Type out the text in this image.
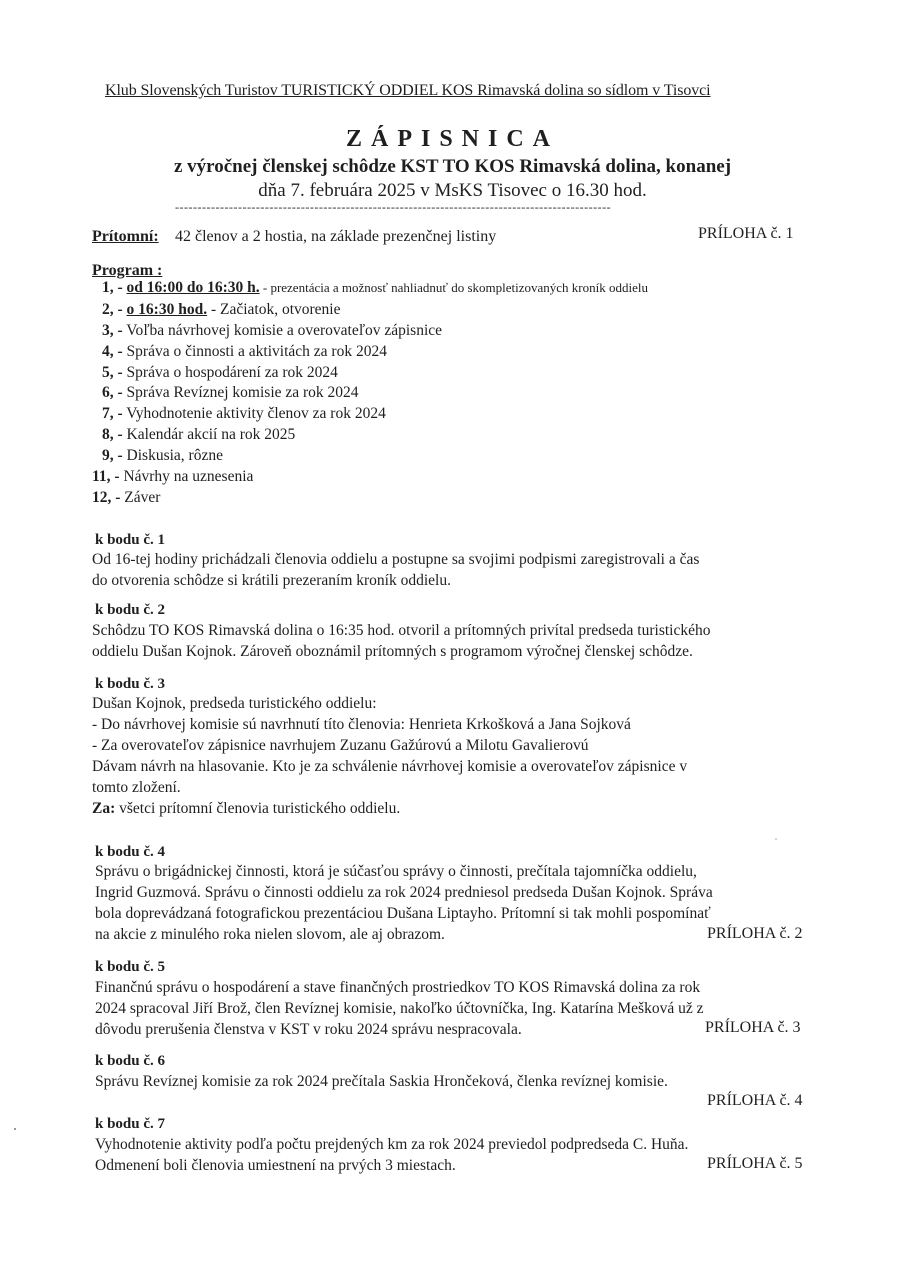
Klub Slovenských Turistov TURISTICKÝ ODDIEL KOS Rimavská dolina so sídlom v Tisovci
ZÁPISNICA
z výročnej členskej schôdze KST TO KOS Rimavská dolina, konanej
dňa 7. februára 2025 v MsKS Tisovec o 16.30 hod.
-------------------------------------------------------------------------------------------------
Prítomní: 42 členov a 2 hostia, na základe prezenčnej listiny	PRÍLOHA č. 1
Program :
1, - od 16:00 do 16:30 h. - prezentácia a možnosť nahliadnuť do skompletizovaných kroník oddielu
2, - o 16:30 hod. - Začiatok, otvorenie
3, - Voľba návrhovej komisie a overovateľov zápisnice
4, - Správa o činnosti a aktivitách za rok 2024
5, - Správa o hospodárení za rok 2024
6, - Správa Revíznej komisie za rok 2024
7, - Vyhodnotenie aktivity členov za rok 2024
8, - Kalendár akcií na rok 2025
9, - Diskusia, rôzne
11, - Návrhy na uznesenia
12, - Záver
k bodu č. 1
Od 16-tej hodiny prichádzali členovia oddielu a postupne sa svojimi podpismi zaregistrovali a čas
do otvorenia schôdze si krátili prezeraním kroník oddielu.
k bodu č. 2
Schôdzu TO KOS Rimavská dolina o 16:35 hod. otvoril a prítomných privítal predseda turistického
oddielu Dušan Kojnok. Zároveň oboznámil prítomných s programom výročnej členskej schôdze.
k bodu č. 3
Dušan Kojnok, predseda turistického oddielu:
- Do návrhovej komisie sú navrhnutí títo členovia: Henrieta Krkošková a Jana Sojková
- Za overovateľov zápisnice navrhujem Zuzanu Gažúrovú a Milotu Gavalierovú
Dávam návrh na hlasovanie. Kto je za schválenie návrhovej komisie a overovateľov zápisnice v
tomto zložení.
Za: všetci prítomní členovia turistického oddielu.
k bodu č. 4
Správu o brigádnickej činnosti, ktorá je súčasťou správy o činnosti, prečítala tajomníčka oddielu,
Ingrid Guzmová. Správu o činnosti oddielu za rok 2024 predniesol predseda Dušan Kojnok. Správa
bola doprevádzaná fotografickou prezentáciou Dušana Liptayho. Prítomní si tak mohli pospomínať
na akcie z minulého roka nielen slovom, ale aj obrazom.	PRÍLOHA č. 2
k bodu č. 5
Finančnú správu o hospodárení a stave finančných prostriedkov TO KOS Rimavská dolina za rok
2024 spracoval Jiří Brož, člen Revíznej komisie, nakoľko účtovníčka, Ing. Katarína Mešková už z
dôvodu prerušenia členstva v KST v roku 2024 správu nespracovala.	PRÍLOHA č. 3
k bodu č. 6
Správu Revíznej komisie za rok 2024 prečítala Saskia Hrončeková, členka revíznej komisie.
PRÍLOHA č. 4
k bodu č. 7
Vyhodnotenie aktivity podľa počtu prejdených km za rok 2024 previedol podpredseda C. Huňa.
Odmenení boli členovia umiestnení na prvých 3 miestach.	PRÍLOHA č. 5
